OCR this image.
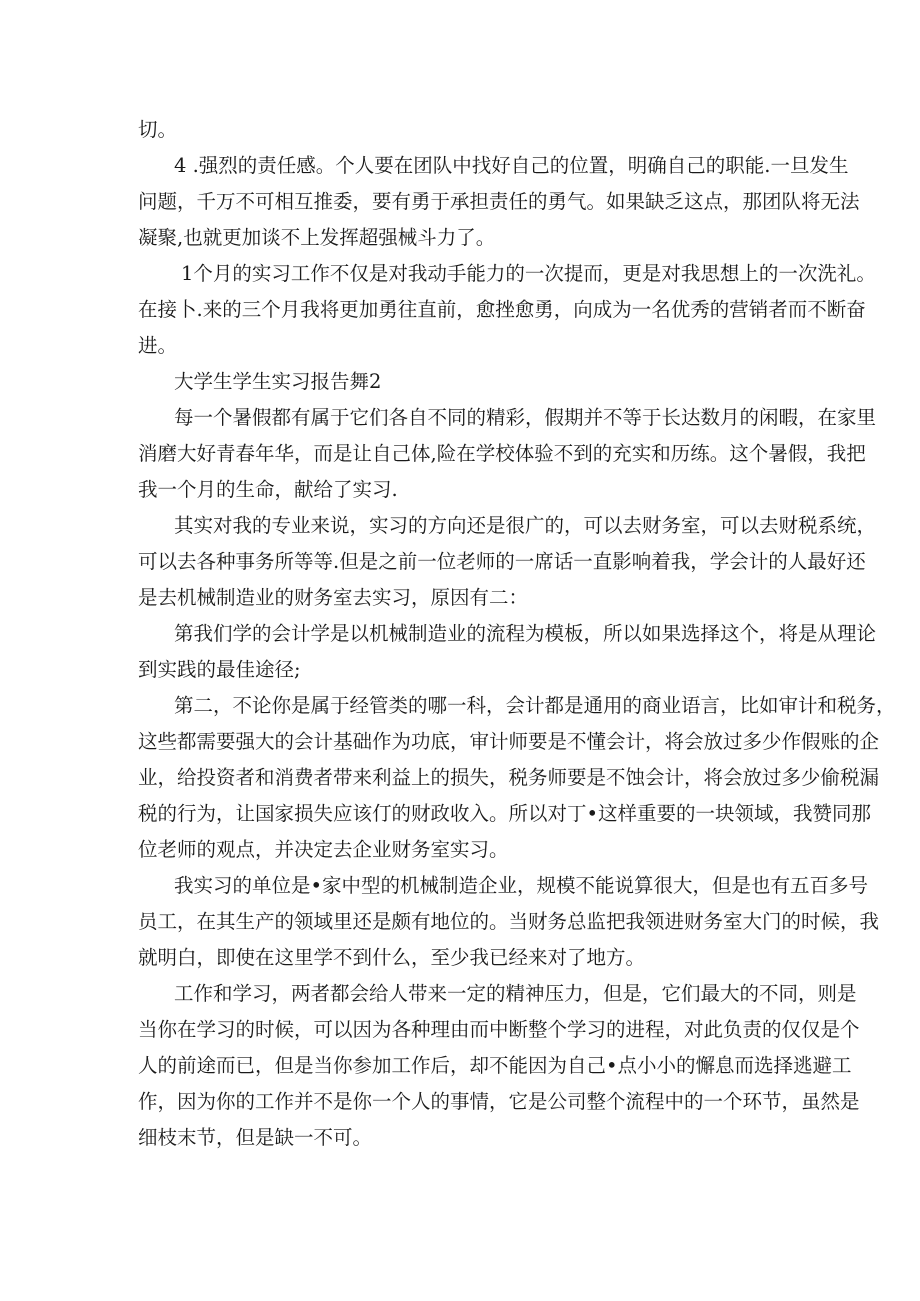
切。

4 .强烈的责任感。个人要在团队中找好自己的位置，明确自己的职能.一旦发生

问题，千万不可相互推委，要有勇于承担责任的勇气。如果缺乏这点，那团队将无法

凝聚,也就更加谈不上发挥超强械斗力了。

1个月的实习工作不仅是对我动手能力的一次提而，更是对我思想上的一次洗礼。

在接卜.来的三个月我将更加勇往直前，愈挫愈勇，向成为一名优秀的营销者而不断奋

进。

大学生学生实习报告舞2

每一个暑假都有属于它们各自不同的精彩，假期并不等于长达数月的闲暇，在家里

消磨大好青春年华，而是让自己体,险在学校体验不到的充实和历练。这个暑假，我把

我一个月的生命，献给了实习.

其实对我的专业来说，实习的方向还是很广的，可以去财务室，可以去财税系统，

可以去各种事务所等等.但是之前一位老师的一席话一直影响着我，学会计的人最好还

是去机械制造业的财务室去实习，原因有二：

第我们学的会计学是以机械制造业的流程为模板，所以如果选择这个，将是从理论

到实践的最佳途径;

第二，不论你是属于经管类的哪一科，会计都是通用的商业语言，比如审计和税务，

这些都需要强大的会计基础作为功底，审计师要是不懂会计，将会放过多少作假账的企

业，给投资者和消费者带来利益上的损失，税务师要是不蚀会计，将会放过多少偷税漏

税的行为，让国家损失应该仃的财政收入。所以对丁•这样重要的一块领域，我赞同那

位老师的观点，并决定去企业财务室实习。

我实习的单位是•家中型的机械制造企业，规模不能说算很大，但是也有五百多号

员工，在其生产的领域里还是颇有地位的。当财务总监把我领进财务室大门的时候，我

就明白，即使在这里学不到什么，至少我已经来对了地方。

工作和学习，两者都会给人带来一定的精神压力，但是，它们最大的不同，则是

当你在学习的时候，可以因为各种理由而中断整个学习的进程，对此负责的仅仅是个

人的前途而已，但是当你参加工作后，却不能因为自己•点小小的懈息而选择逃避工

作，因为你的工作并不是你一个人的事情，它是公司整个流程中的一个环节，虽然是

细枝末节，但是缺一不可。
